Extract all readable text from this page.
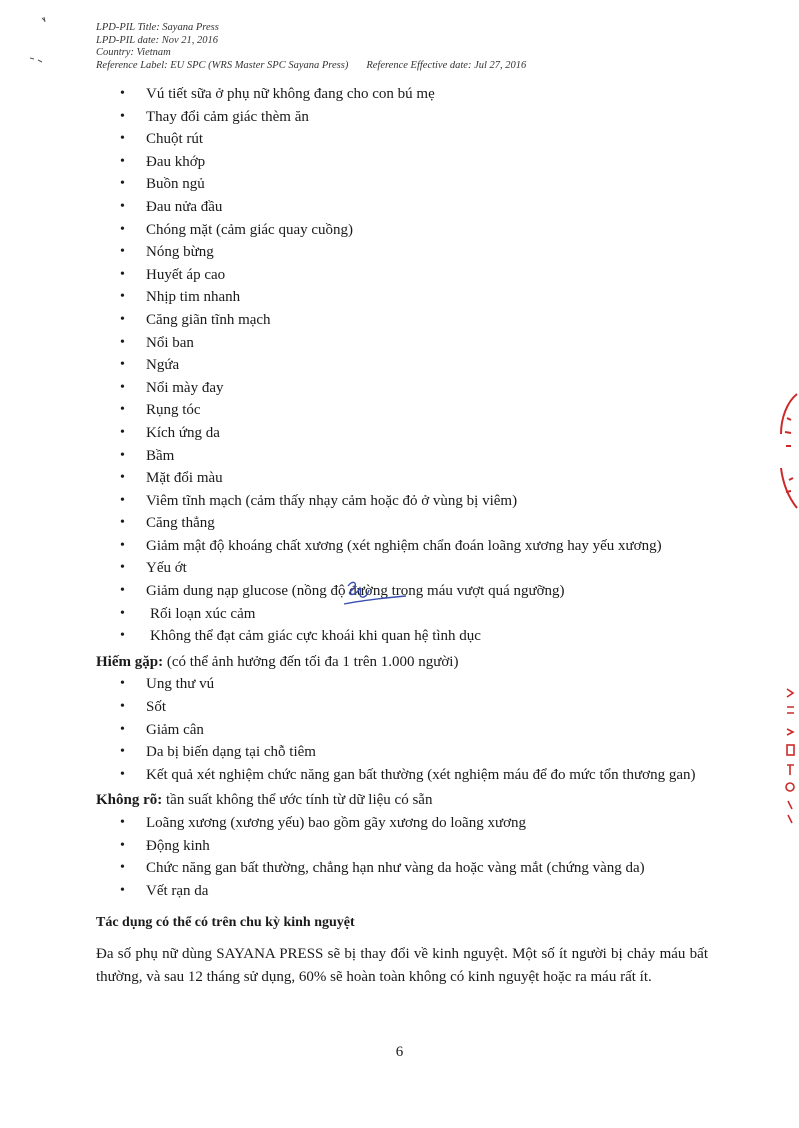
LPD-PIL Title: Sayana Press
LPD-PIL date: Nov 21, 2016
Country: Vietnam
Reference Label: EU SPC (WRS Master SPC Sayana Press) Reference Effective date: Jul 27, 2016
• Vú tiết sữa ở phụ nữ không đang cho con bú mẹ
• Thay đổi cảm giác thèm ăn
• Chuột rút
• Đau khớp
• Buồn ngủ
• Đau nửa đầu
• Chóng mặt (cảm giác quay cuồng)
• Nóng bừng
• Huyết áp cao
• Nhịp tim nhanh
• Căng giãn tĩnh mạch
• Nổi ban
• Ngứa
• Nổi mày đay
• Rụng tóc
• Kích ứng da
• Bầm
• Mặt đổi màu
• Viêm tĩnh mạch (cảm thấy nhạy cảm hoặc đỏ ở vùng bị viêm)
• Căng thẳng
• Giảm mật độ khoáng chất xương (xét nghiệm chẩn đoán loãng xương hay yếu xương)
• Yếu ớt
• Giảm dung nạp glucose (nồng độ đường trong máu vượt quá ngưỡng)
• Rối loạn xúc cảm
• Không thể đạt cảm giác cực khoái khi quan hệ tình dục

Hiếm gặp: (có thể ảnh hưởng đến tối đa 1 trên 1.000 người)

• Ung thư vú
• Sốt
• Giảm cân
• Da bị biến dạng tại chỗ tiêm
• Kết quả xét nghiệm chức năng gan bất thường (xét nghiệm máu để đo mức tổn thương gan)

Không rõ: tần suất không thể ước tính từ dữ liệu có sẵn

• Loãng xương (xương yếu) bao gồm gãy xương do loãng xương
• Động kinh
• Chức năng gan bất thường, chẳng hạn như vàng da hoặc vàng mắt (chứng vàng da)
• Vết rạn da

Tác dụng có thể có trên chu kỳ kinh nguyệt

Đa số phụ nữ dùng SAYANA PRESS sẽ bị thay đổi về kinh nguyệt. Một số ít người bị chảy máu bất thường, và sau 12 tháng sử dụng, 60% sẽ hoàn toàn không có kinh nguyệt hoặc ra máu rất ít.

6
